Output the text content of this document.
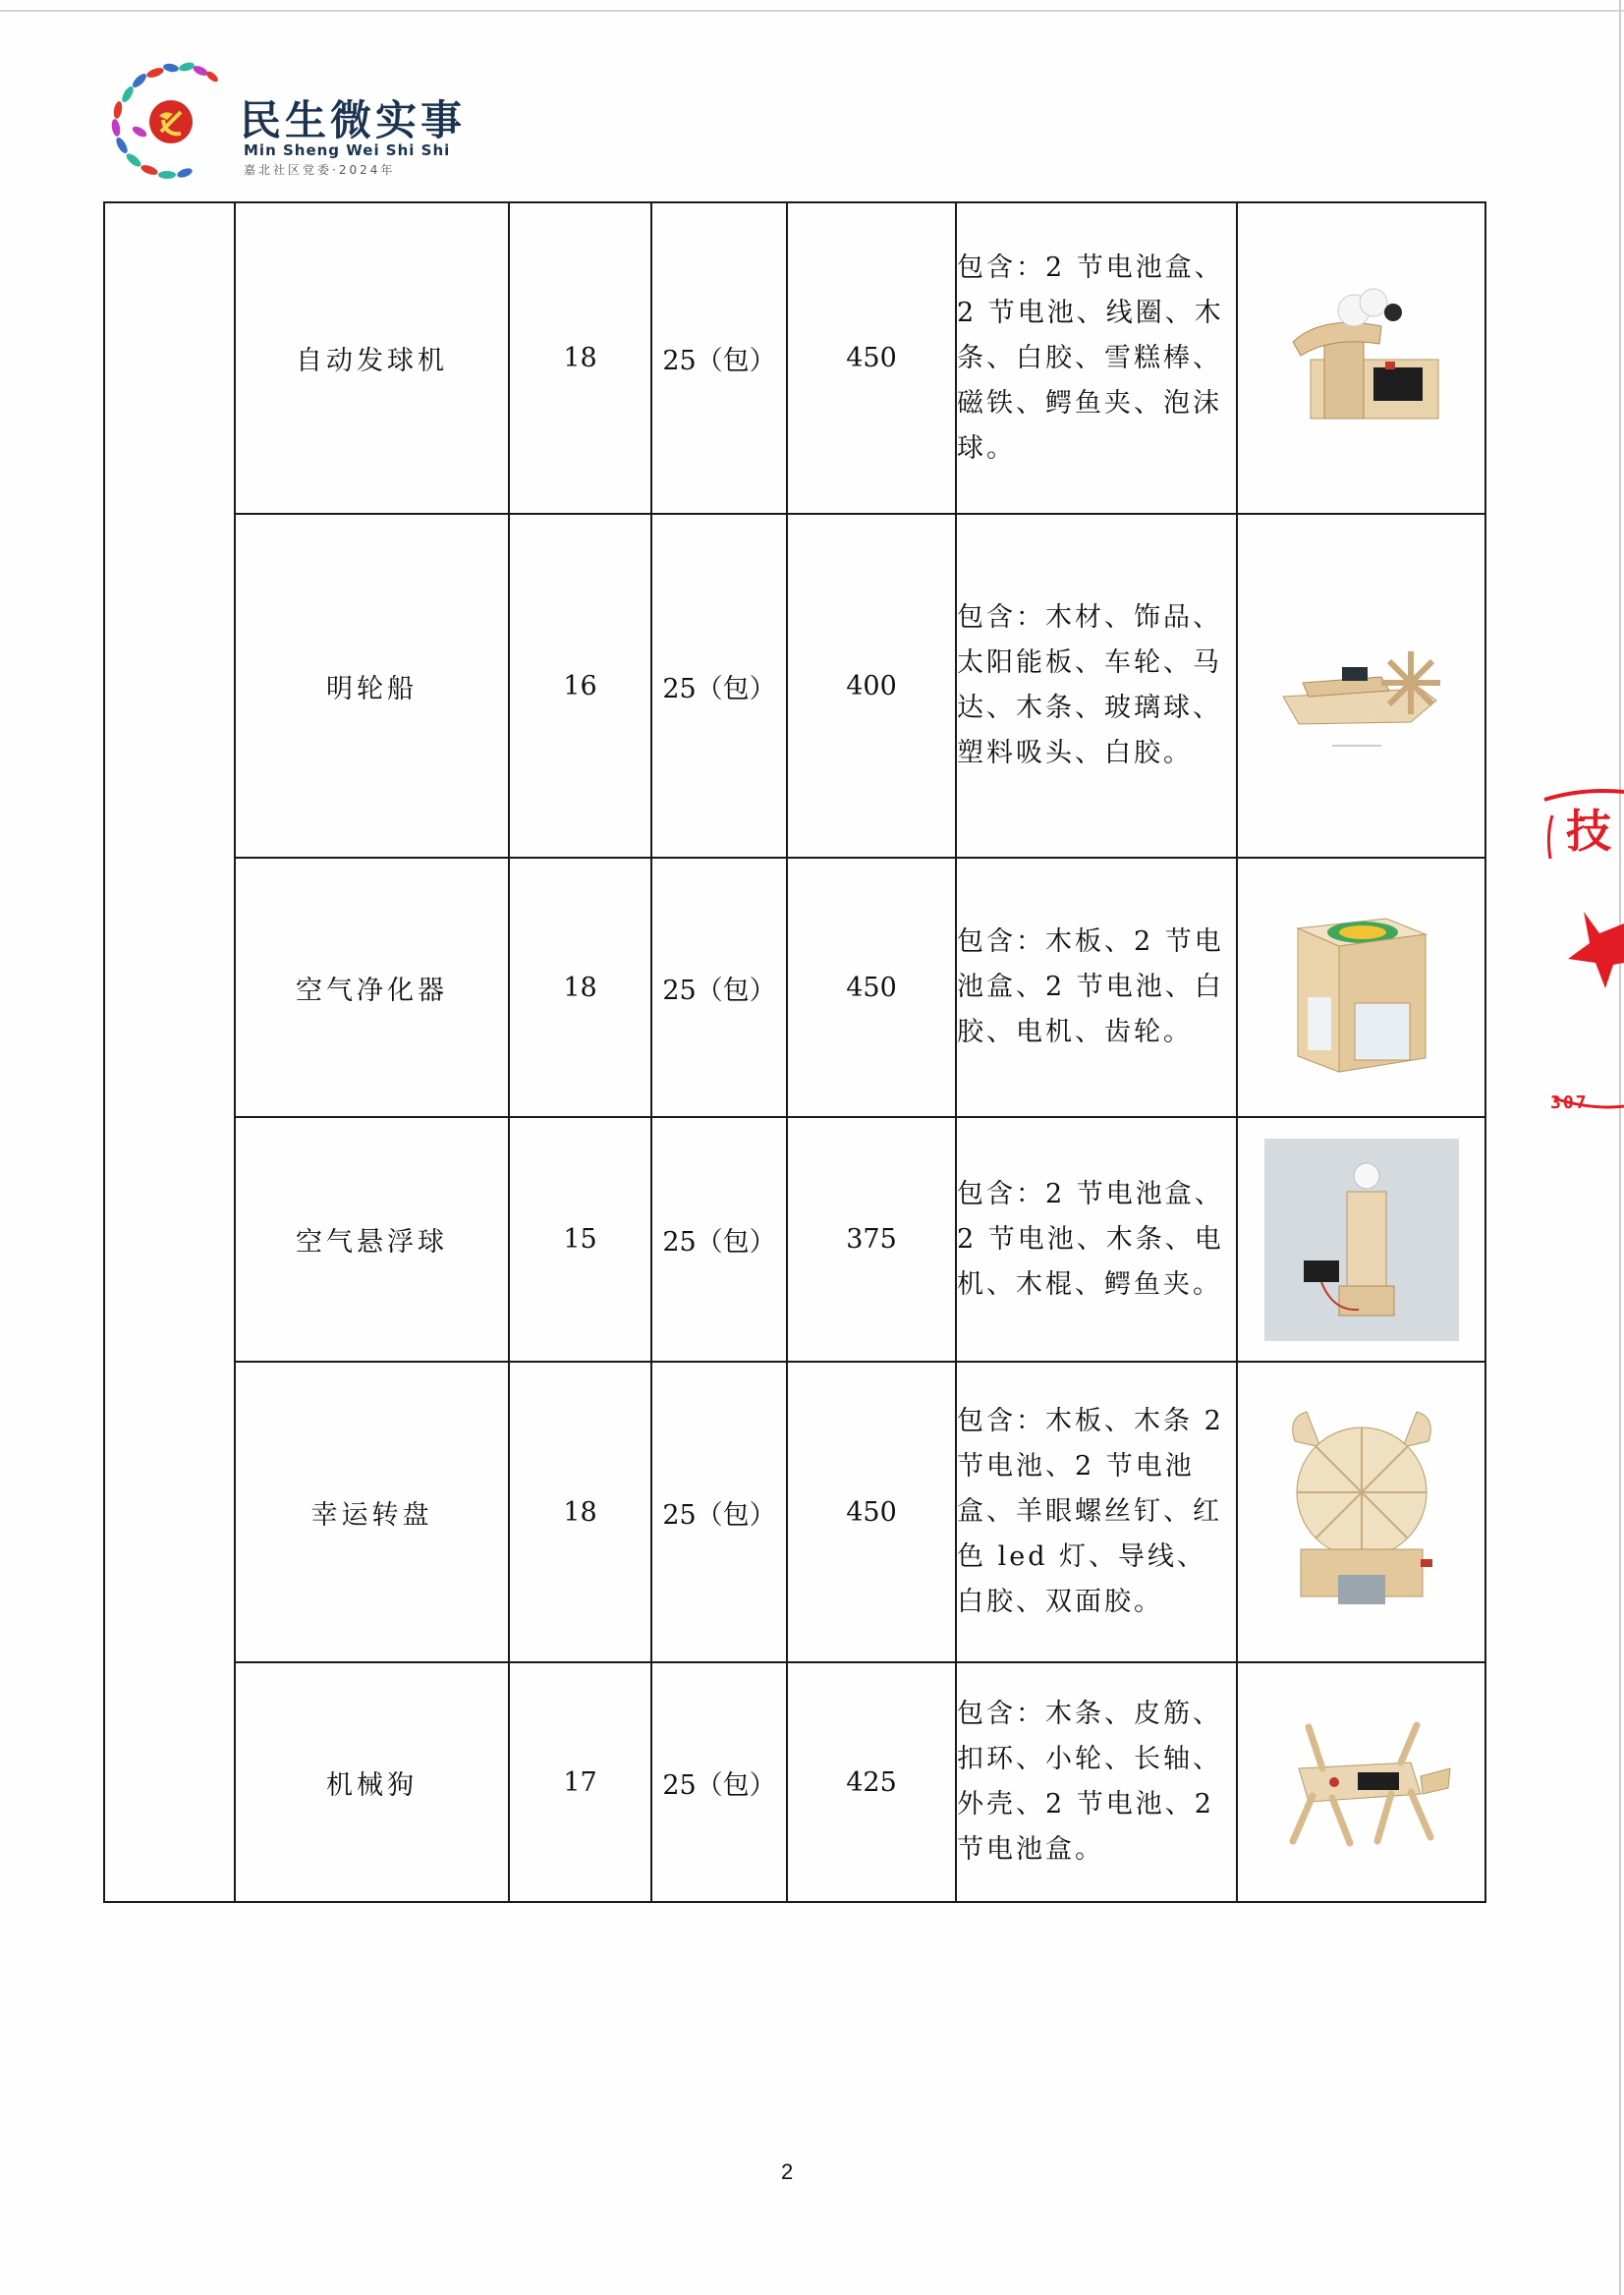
民生微实事
Min Sheng Wei Shi Shi
嘉北社区党委·2024年
	自动发球机	18	25（包）	450	包含：2 节电池盒、2 节电池、线圈、木条、白胶、雪糕棒、磁铁、鳄鱼夹、泡沫球。	

	明轮船	16	25（包）	400	包含：木材、饰品、太阳能板、车轮、马达、木条、玻璃球、塑料吸头、白胶。	

	空气净化器	18	25（包）	450	包含：木板、2 节电池盒、2 节电池、白胶、电机、齿轮。	

	空气悬浮球	15	25（包）	375	包含：2 节电池盒、2 节电池、木条、电机、木棍、鳄鱼夹。	

	幸运转盘	18	25（包）	450	包含：木板、木条 2 节电池、2 节电池盒、羊眼螺丝钉、红色 led 灯、导线、白胶、双面胶。	

	机械狗	17	25（包）	425	包含：木条、皮筋、扣环、小轮、长轴、外壳、2 节电池、2 节电池盒。	
2
技
307
